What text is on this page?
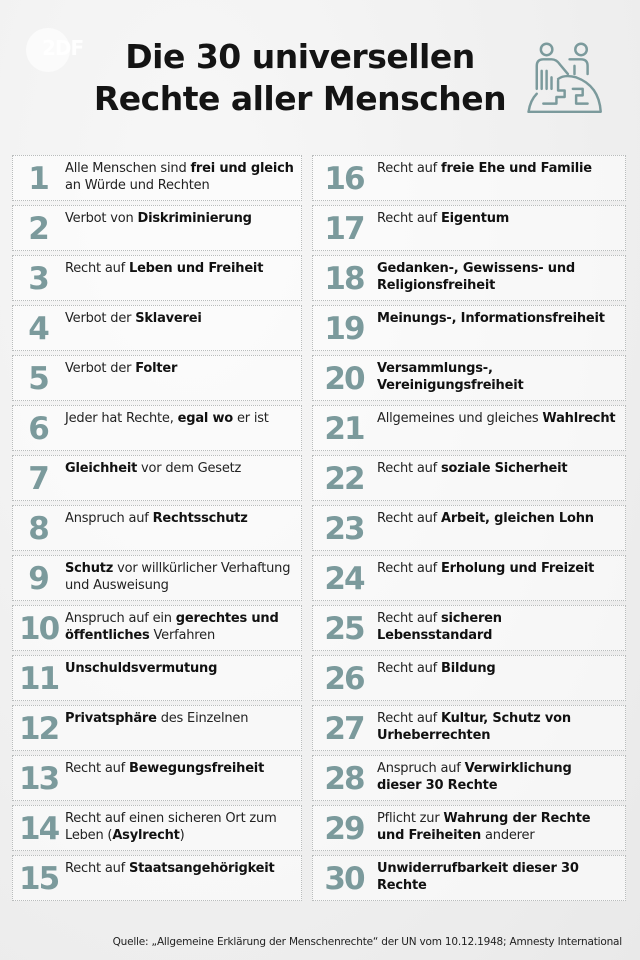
2DF	Die 30 universellen
Rechte aller Menschen
1	Alle Menschen sind frei und gleich an Würde und Rechten
2	Verbot von Diskriminierung
3	Recht auf Leben und Freiheit
4	Verbot der Sklaverei
5	Verbot der Folter
6	Jeder hat Rechte, egal wo er ist
7	Gleichheit vor dem Gesetz
8	Anspruch auf Rechtsschutz
9	Schutz vor willkürlicher Verhaftung und Ausweisung
10 Anspruch auf ein gerechtes und öffentliches Verfahren
11 Unschuldsvermutung
12 Privatsphäre des Einzelnen
13 Recht auf Bewegungsfreiheit
14 Recht auf einen sicheren Ort zum Leben (Asylrecht)
15 Recht auf Staatsangehörigkeit
16	Recht auf freie Ehe und Familie
17	Recht auf Eigentum
18	Gedanken-, Gewissens- und Religionsfreiheit
19	Meinungs-, Informationsfreiheit
20	Versammlungs-, Vereinigungsfreiheit
21	Allgemeines und gleiches Wahlrecht
22	Recht auf soziale Sicherheit
23	Recht auf Arbeit, gleichen Lohn
24	Recht auf Erholung und Freizeit
25	Recht auf sicheren Lebensstandard
26	Recht auf Bildung
27	Recht auf Kultur, Schutz von Urheberrechten
28	Anspruch auf Verwirklichung dieser 30 Rechte
29	Pflicht zur Wahrung der Rechte und Freiheiten anderer
30	Unwiderrufbarkeit dieser 30 Rechte
Quelle: „Allgemeine Erklärung der Menschenrechte“ der UN vom 10.12.1948; Amnesty International
